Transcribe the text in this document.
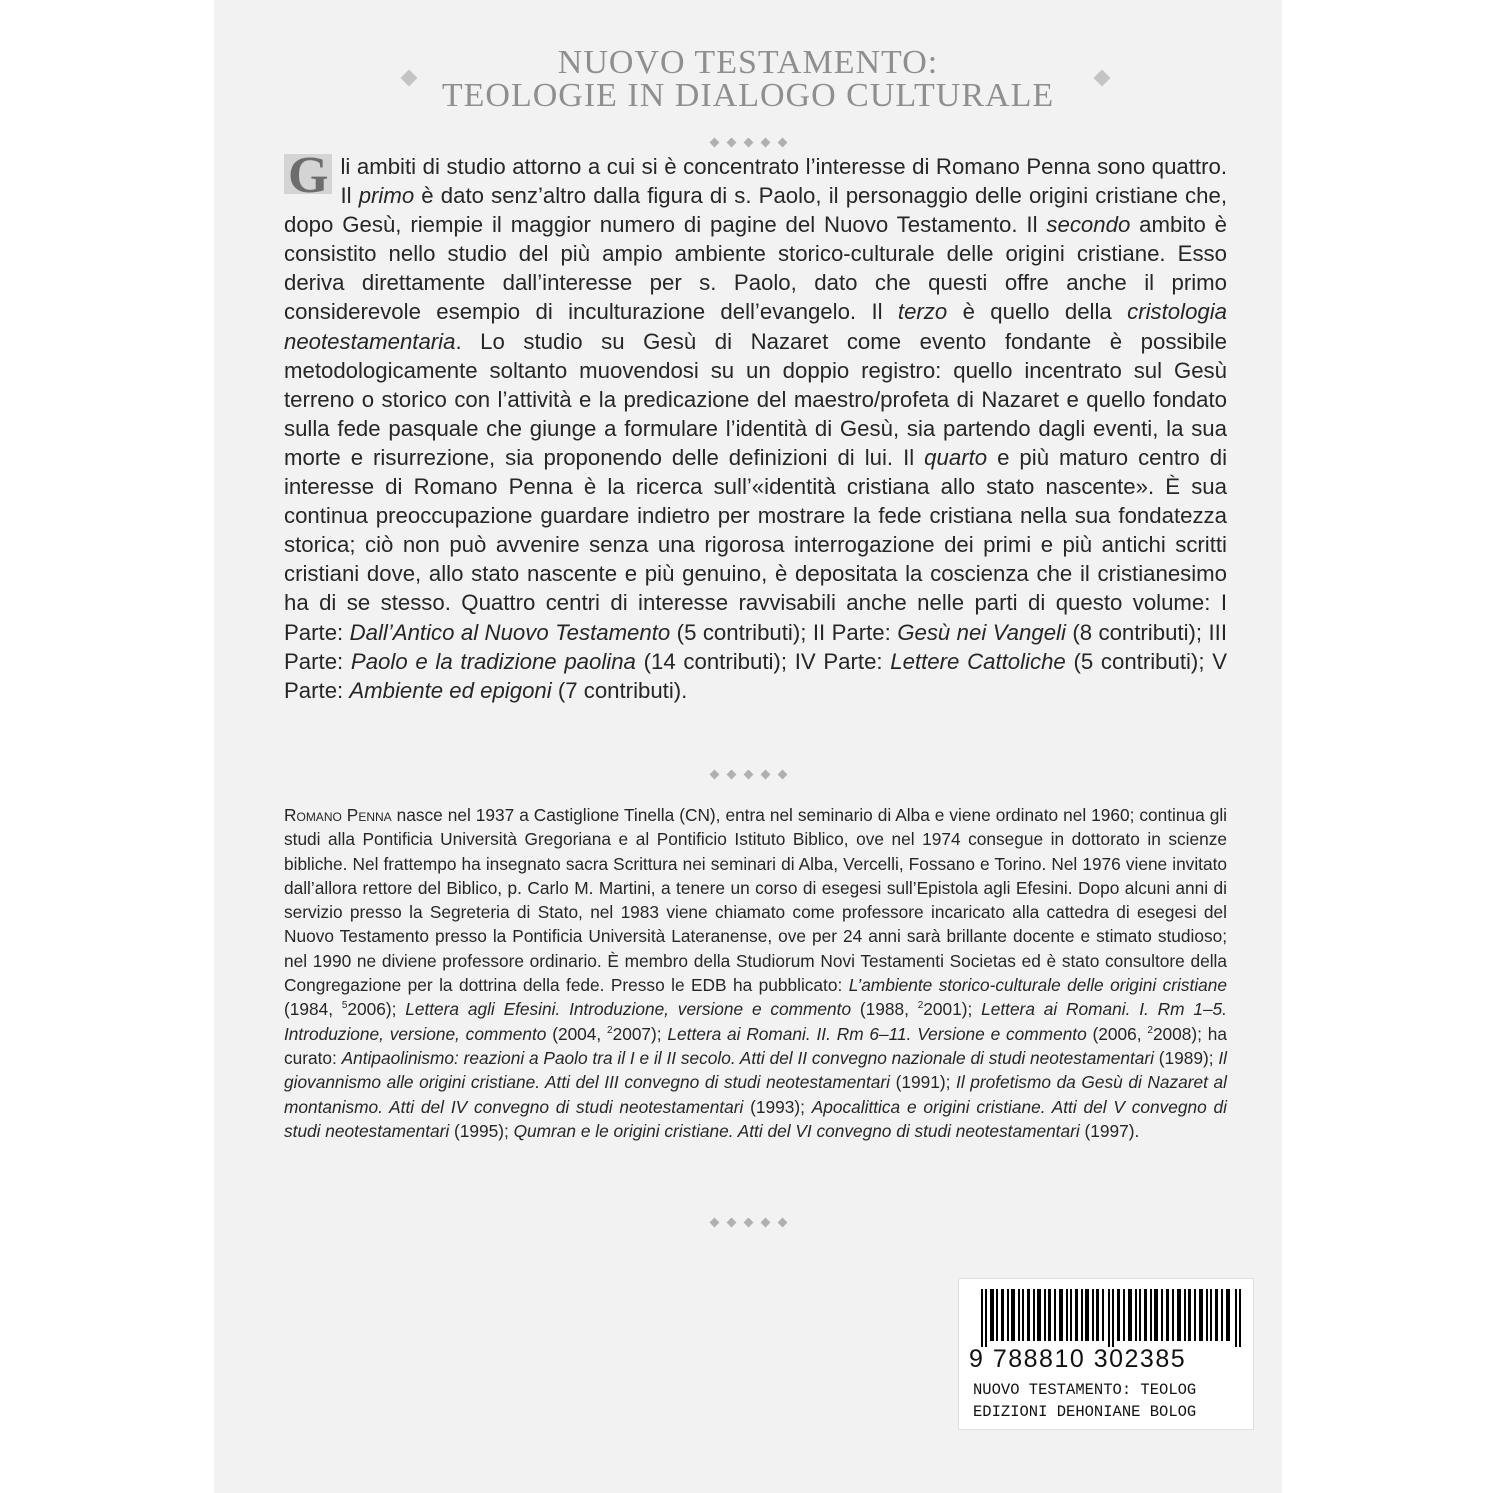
NUOVO TESTAMENTO:
TEOLOGIE IN DIALOGO CULTURALE
G li ambiti di studio attorno a cui si è concentrato l’interesse di Romano Penna sono quattro. Il primo è dato senz’altro dalla figura di s. Paolo, il personaggio delle origini cristiane che, dopo Gesù, riempie il maggior numero di pagine del Nuovo Testamento. Il secondo ambito è consistito nello studio del più ampio ambiente storico-culturale delle origini cristiane. Esso deriva direttamente dall’interesse per s. Paolo, dato che questi offre anche il primo considerevole esempio di inculturazione dell’evangelo. Il terzo è quello della cristologia neotestamentaria. Lo studio su Gesù di Nazaret come evento fondante è possibile metodologicamente soltanto muovendosi su un doppio registro: quello incentrato sul Gesù terreno o storico con l’attività e la predicazione del maestro/profeta di Nazaret e quello fondato sulla fede pasquale che giunge a formulare l’identità di Gesù, sia partendo dagli eventi, la sua morte e risurrezione, sia proponendo delle definizioni di lui. Il quarto e più maturo centro di interesse di Romano Penna è la ricerca sull’«identità cristiana allo stato nascente». È sua continua preoccupazione guardare indietro per mostrare la fede cristiana nella sua fondatezza storica; ciò non può avvenire senza una rigorosa interrogazione dei primi e più antichi scritti cristiani dove, allo stato nascente e più genuino, è depositata la coscienza che il cristianesimo ha di se stesso. Quattro centri di interesse ravvisabili anche nelle parti di questo volume: I Parte: Dall’Antico al Nuovo Testamento (5 contributi); II Parte: Gesù nei Vangeli (8 contributi); III Parte: Paolo e la tradizione paolina (14 contributi); IV Parte: Lettere Cattoliche (5 contributi); V Parte: Ambiente ed epigoni (7 contributi).
Romano Penna nasce nel 1937 a Castiglione Tinella (CN), entra nel seminario di Alba e viene ordinato nel 1960; continua gli studi alla Pontificia Università Gregoriana e al Pontificio Istituto Biblico, ove nel 1974 consegue in dottorato in scienze bibliche. Nel frattempo ha insegnato sacra Scrittura nei seminari di Alba, Vercelli, Fossano e Torino. Nel 1976 viene invitato dall’allora rettore del Biblico, p. Carlo M. Martini, a tenere un corso di esegesi sull’Epistola agli Efesini. Dopo alcuni anni di servizio presso la Segreteria di Stato, nel 1983 viene chiamato come professore incaricato alla cattedra di esegesi del Nuovo Testamento presso la Pontificia Università Lateranense, ove per 24 anni sarà brillante docente e stimato studioso; nel 1990 ne diviene professore ordinario. È membro della Studiorum Novi Testamenti Societas ed è stato consultore della Congregazione per la dottrina della fede. Presso le EDB ha pubblicato: L’ambiente storico-culturale delle origini cristiane (1984, $^5$2006); Lettera agli Efesini. Introduzione, versione e commento (1988, $^2$2001); Lettera ai Romani. I. Rm 1–5. Introduzione, versione, commento (2004, $^2$2007); Lettera ai Romani. II. Rm 6–11. Versione e commento (2006, $^2$2008); ha curato: Antipaolinismo: reazioni a Paolo tra il I e il II secolo. Atti del II convegno nazionale di studi neotestamentari (1989); Il giovannismo alle origini cristiane. Atti del III convegno di studi neotestamentari (1991); Il profetismo da Gesù di Nazaret al montanismo. Atti del IV convegno di studi neotestamentari (1993); Apocalittica e origini cristiane. Atti del V convegno di studi neotestamentari (1995); Qumran e le origini cristiane. Atti del VI convegno di studi neotestamentari (1997).
9 788810 302385
NUOVO TESTAMENTO: TEOLOG
EDIZIONI DEHONIANE BOLOG
